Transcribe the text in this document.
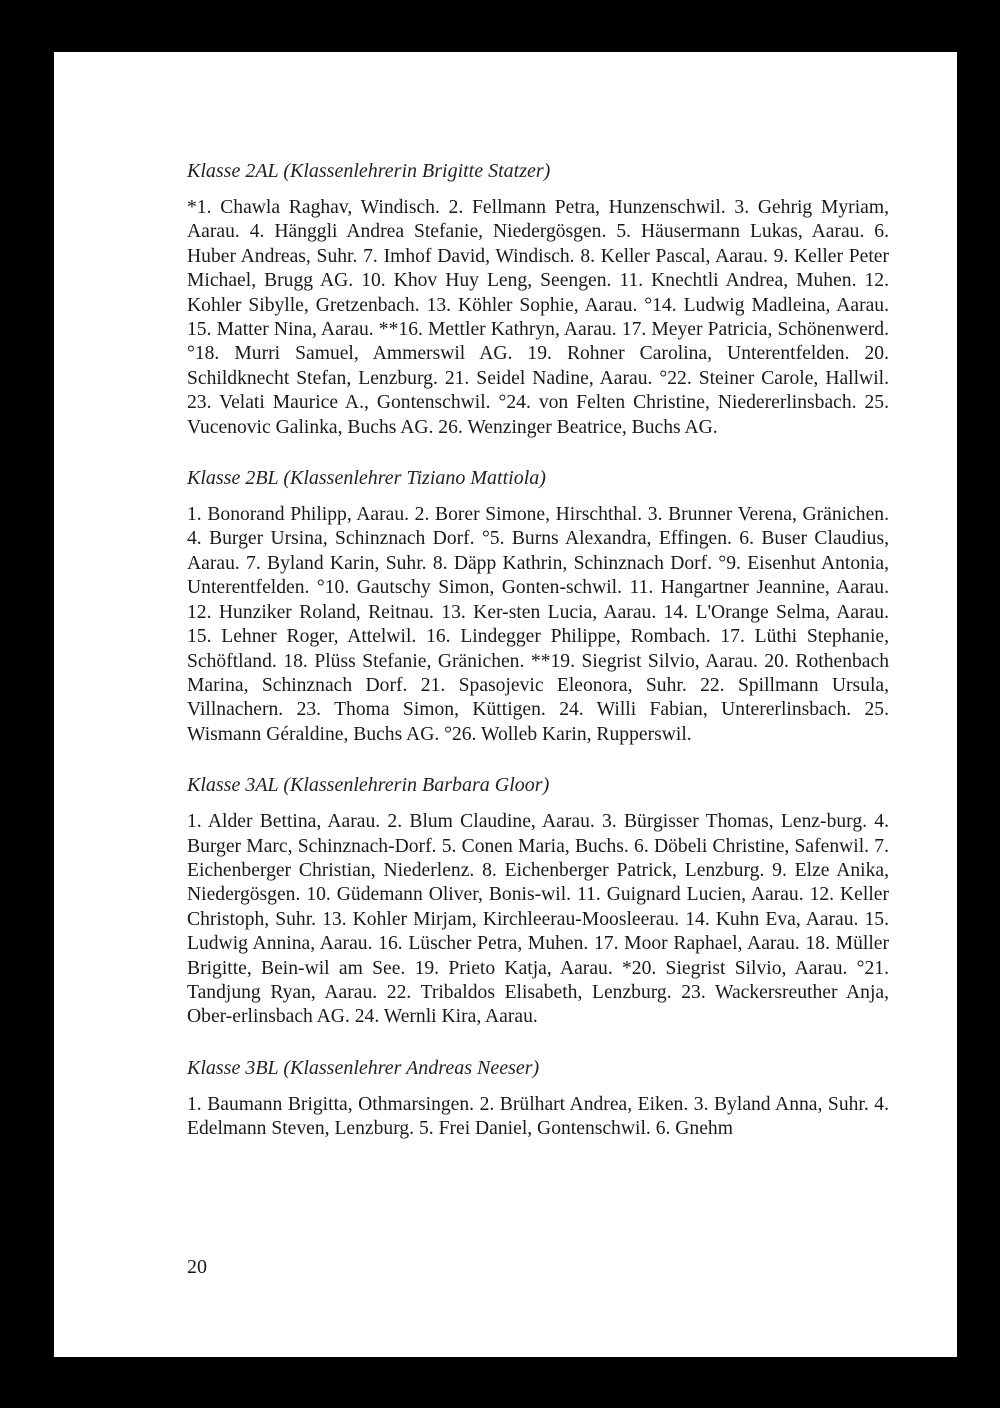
Klasse 2AL (Klassenlehrerin Brigitte Statzer)

*1. Chawla Raghav, Windisch. 2. Fellmann Petra, Hunzenschwil. 3. Gehrig Myriam, Aarau. 4. Hänggli Andrea Stefanie, Niedergösgen. 5. Häusermann Lukas, Aarau. 6. Huber Andreas, Suhr. 7. Imhof David, Windisch. 8. Keller Pascal, Aarau. 9. Keller Peter Michael, Brugg AG. 10. Khov Huy Leng, Seengen. 11. Knechtli Andrea, Muhen. 12. Kohler Sibylle, Gretzenbach. 13. Köhler Sophie, Aarau. °14. Ludwig Madleina, Aarau. 15. Matter Nina, Aarau. **16. Mettler Kathryn, Aarau. 17. Meyer Patricia, Schönenwerd. °18. Murri Samuel, Ammerswil AG. 19. Rohner Carolina, Unterentfelden. 20. Schildknecht Stefan, Lenzburg. 21. Seidel Nadine, Aarau. °22. Steiner Carole, Hallwil. 23. Velati Maurice A., Gontenschwil. °24. von Felten Christine, Niedererlinsbach. 25. Vucenovic Galinka, Buchs AG. 26. Wenzinger Beatrice, Buchs AG.

Klasse 2BL (Klassenlehrer Tiziano Mattiola)

1. Bonorand Philipp, Aarau. 2. Borer Simone, Hirschthal. 3. Brunner Verena, Gränichen. 4. Burger Ursina, Schinznach Dorf. °5. Burns Alexandra, Effingen. 6. Buser Claudius, Aarau. 7. Byland Karin, Suhr. 8. Däpp Kathrin, Schinznach Dorf. °9. Eisenhut Antonia, Unterentfelden. °10. Gautschy Simon, Gonten-schwil. 11. Hangartner Jeannine, Aarau. 12. Hunziker Roland, Reitnau. 13. Ker-sten Lucia, Aarau. 14. L'Orange Selma, Aarau. 15. Lehner Roger, Attelwil. 16. Lindegger Philippe, Rombach. 17. Lüthi Stephanie, Schöftland. 18. Plüss Stefanie, Gränichen. **19. Siegrist Silvio, Aarau. 20. Rothenbach Marina, Schinznach Dorf. 21. Spasojevic Eleonora, Suhr. 22. Spillmann Ursula, Villnachern. 23. Thoma Simon, Küttigen. 24. Willi Fabian, Untererlinsbach. 25. Wismann Géraldine, Buchs AG. °26. Wolleb Karin, Rupperswil.

Klasse 3AL (Klassenlehrerin Barbara Gloor)

1. Alder Bettina, Aarau. 2. Blum Claudine, Aarau. 3. Bürgisser Thomas, Lenz-burg. 4. Burger Marc, Schinznach-Dorf. 5. Conen Maria, Buchs. 6. Döbeli Christine, Safenwil. 7. Eichenberger Christian, Niederlenz. 8. Eichenberger Patrick, Lenzburg. 9. Elze Anika, Niedergösgen. 10. Güdemann Oliver, Bonis-wil. 11. Guignard Lucien, Aarau. 12. Keller Christoph, Suhr. 13. Kohler Mirjam, Kirchleerau-Moosleerau. 14. Kuhn Eva, Aarau. 15. Ludwig Annina, Aarau. 16. Lüscher Petra, Muhen. 17. Moor Raphael, Aarau. 18. Müller Brigitte, Bein-wil am See. 19. Prieto Katja, Aarau. *20. Siegrist Silvio, Aarau. °21. Tandjung Ryan, Aarau. 22. Tribaldos Elisabeth, Lenzburg. 23. Wackersreuther Anja, Ober-erlinsbach AG. 24. Wernli Kira, Aarau.

Klasse 3BL (Klassenlehrer Andreas Neeser)

1. Baumann Brigitta, Othmarsingen. 2. Brülhart Andrea, Eiken. 3. Byland Anna, Suhr. 4. Edelmann Steven, Lenzburg. 5. Frei Daniel, Gontenschwil. 6. Gnehm

20
